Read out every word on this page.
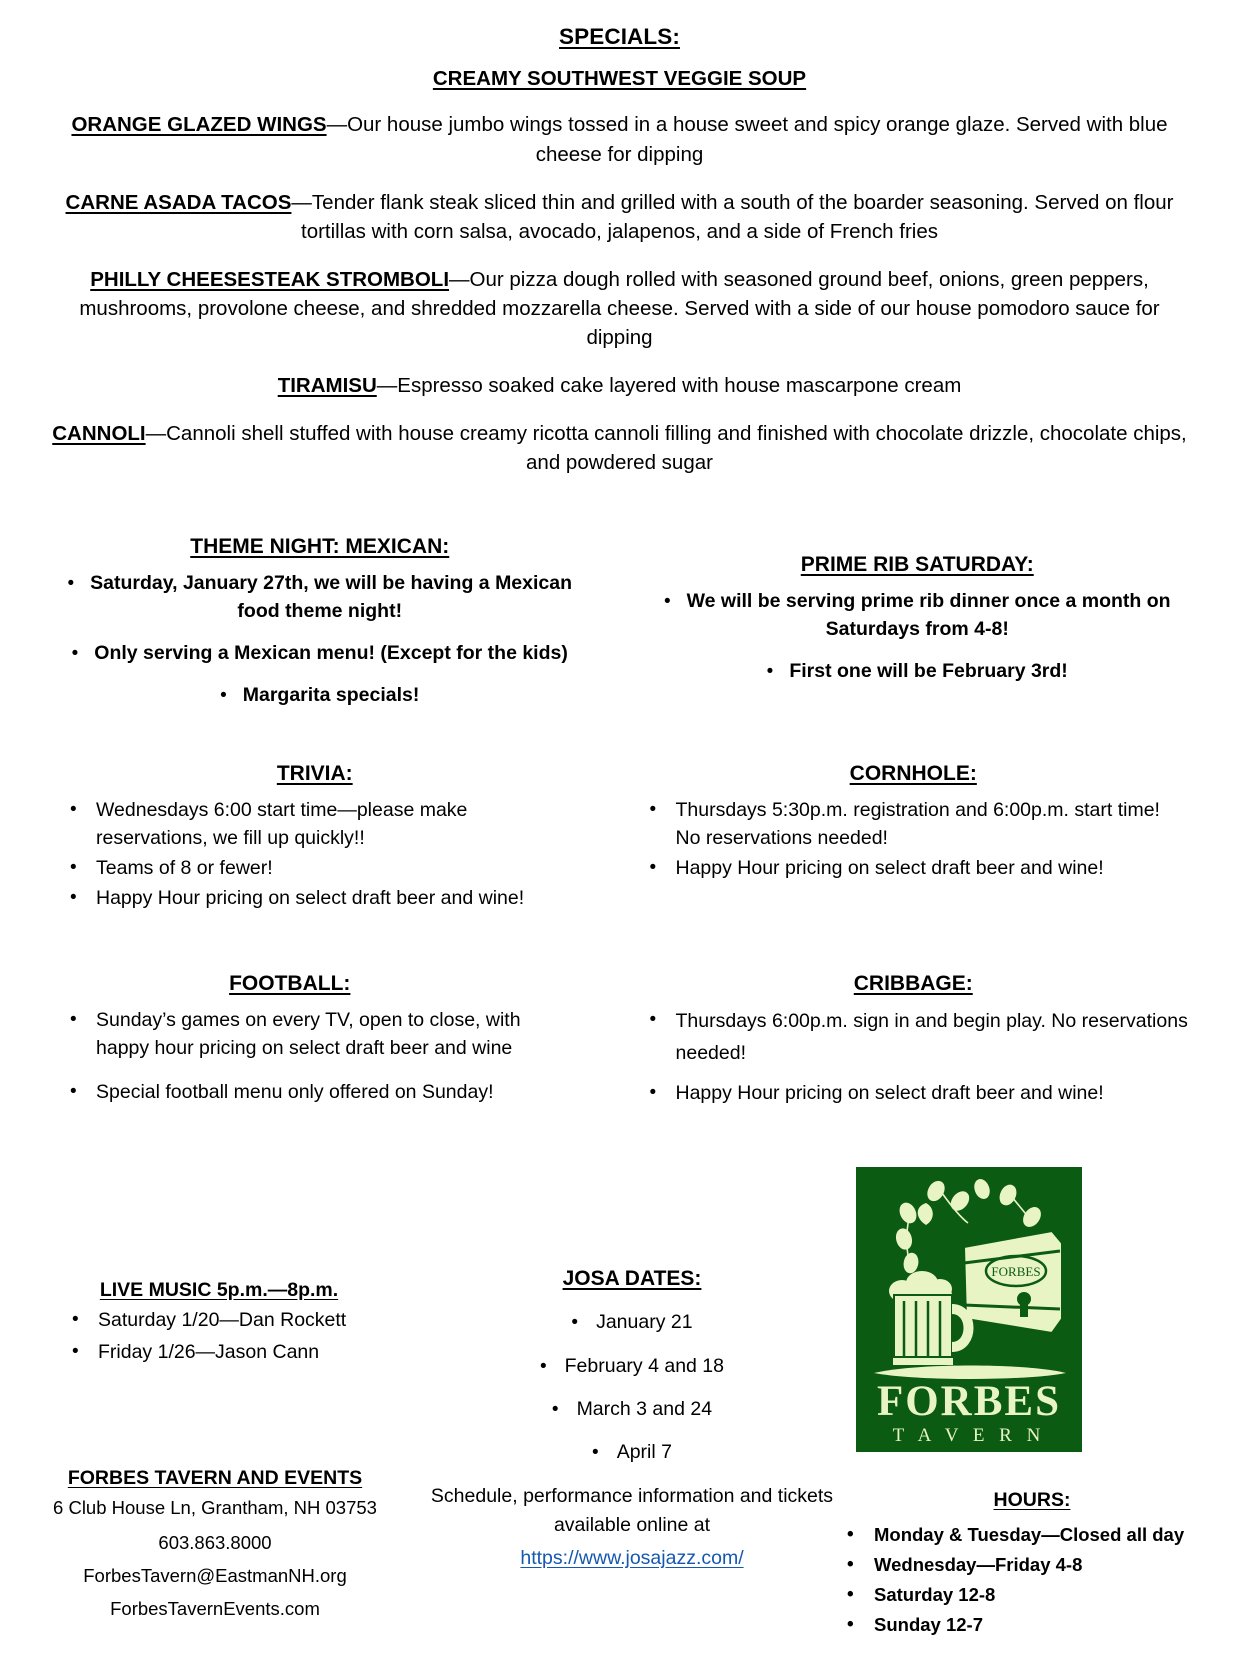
SPECIALS:
CREAMY SOUTHWEST VEGGIE SOUP

ORANGE GLAZED WINGS—Our house jumbo wings tossed in a house sweet and spicy orange glaze. Served with blue cheese for dipping

CARNE ASADA TACOS—Tender flank steak sliced thin and grilled with a south of the boarder seasoning. Served on flour tortillas with corn salsa, avocado, jalapenos, and a side of French fries

PHILLY CHEESESTEAK STROMBOLI—Our pizza dough rolled with seasoned ground beef, onions, green peppers, mushrooms, provolone cheese, and shredded mozzarella cheese. Served with a side of our house pomodoro sauce for dipping

TIRAMISU—Espresso soaked cake layered with house mascarpone cream

CANNOLI—Cannoli shell stuffed with house creamy ricotta cannoli filling and finished with chocolate drizzle, chocolate chips, and powdered sugar

THEME NIGHT: MEXICAN:
• Saturday, January 27th, we will be having a Mexican food theme night!
• Only serving a Mexican menu! (Except for the kids)
• Margarita specials!
PRIME RIB SATURDAY:
• We will be serving prime rib dinner once a month on Saturdays from 4-8!
• First one will be February 3rd!
TRIVIA:
• Wednesdays 6:00 start time—please make reservations, we fill up quickly!!
• Teams of 8 or fewer!
• Happy Hour pricing on select draft beer and wine!
CORNHOLE:
• Thursdays 5:30p.m. registration and 6:00p.m. start time! No reservations needed!
• Happy Hour pricing on select draft beer and wine!
FOOTBALL:
• Sunday’s games on every TV, open to close, with happy hour pricing on select draft beer and wine
• Special football menu only offered on Sunday!
CRIBBAGE:
• Thursdays 6:00p.m. sign in and begin play. No reservations needed!
• Happy Hour pricing on select draft beer and wine!
LIVE MUSIC 5p.m.—8p.m.
• Saturday 1/20—Dan Rockett
• Friday 1/26—Jason Cann
FORBES TAVERN AND EVENTS
6 Club House Ln, Grantham, NH 03753
603.863.8000
ForbesTavern@EastmanNH.org
ForbesTavernEvents.com
JOSA DATES:
• January 21
• February 4 and 18
• March 3 and 24
• April 7
Schedule, performance information and tickets available online at
https://www.josajazz.com/
FORBES
FORBES
T A V E R N
HOURS:
• Monday & Tuesday—Closed all day
• Wednesday—Friday 4-8
• Saturday 12-8
• Sunday 12-7
